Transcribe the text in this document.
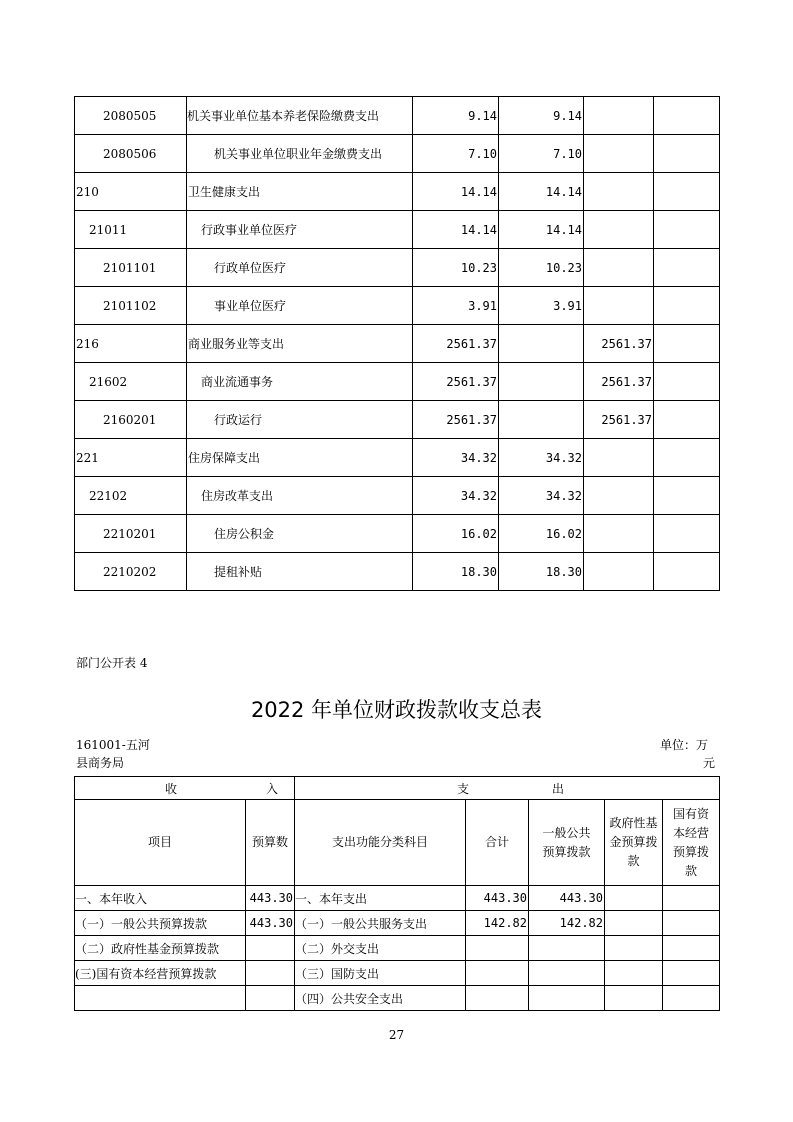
2080505	机关事业单位基本养老保险缴费支出	9.14	9.14		
2080506	机关事业单位职业年金缴费支出	7.10	7.10		
210	卫生健康支出	14.14	14.14		
21011	行政事业单位医疗	14.14	14.14		
2101101	行政单位医疗	10.23	10.23		
2101102	事业单位医疗	3.91	3.91		
216	商业服务业等支出	2561.37		2561.37	
21602	商业流通事务	2561.37		2561.37	
2160201	行政运行	2561.37		2561.37	
221	住房保障支出	34.32	34.32		
22102	住房改革支出	34.32	34.32		
2210201	住房公积金	16.02	16.02		
2210202	提租补贴	18.30	18.30		
部门公开表 4
2022 年单位财政拨款收支总表
161001-五河
县商务局
单位：万
元
收 入		支 出				

项目	预算数	支出功能分类科目	合计	一般公共预算拨款	政府性基金预算拨款	国有资本经营预算拨款
一、本年收入	443.30	一、本年支出	443.30	443.30		
（一）一般公共预算拨款	443.30	（一）一般公共服务支出	142.82	142.82		
（二）政府性基金预算拨款		（二）外交支出				
(三)国有资本经营预算拨款		（三）国防支出				
		（四）公共安全支出				
27
